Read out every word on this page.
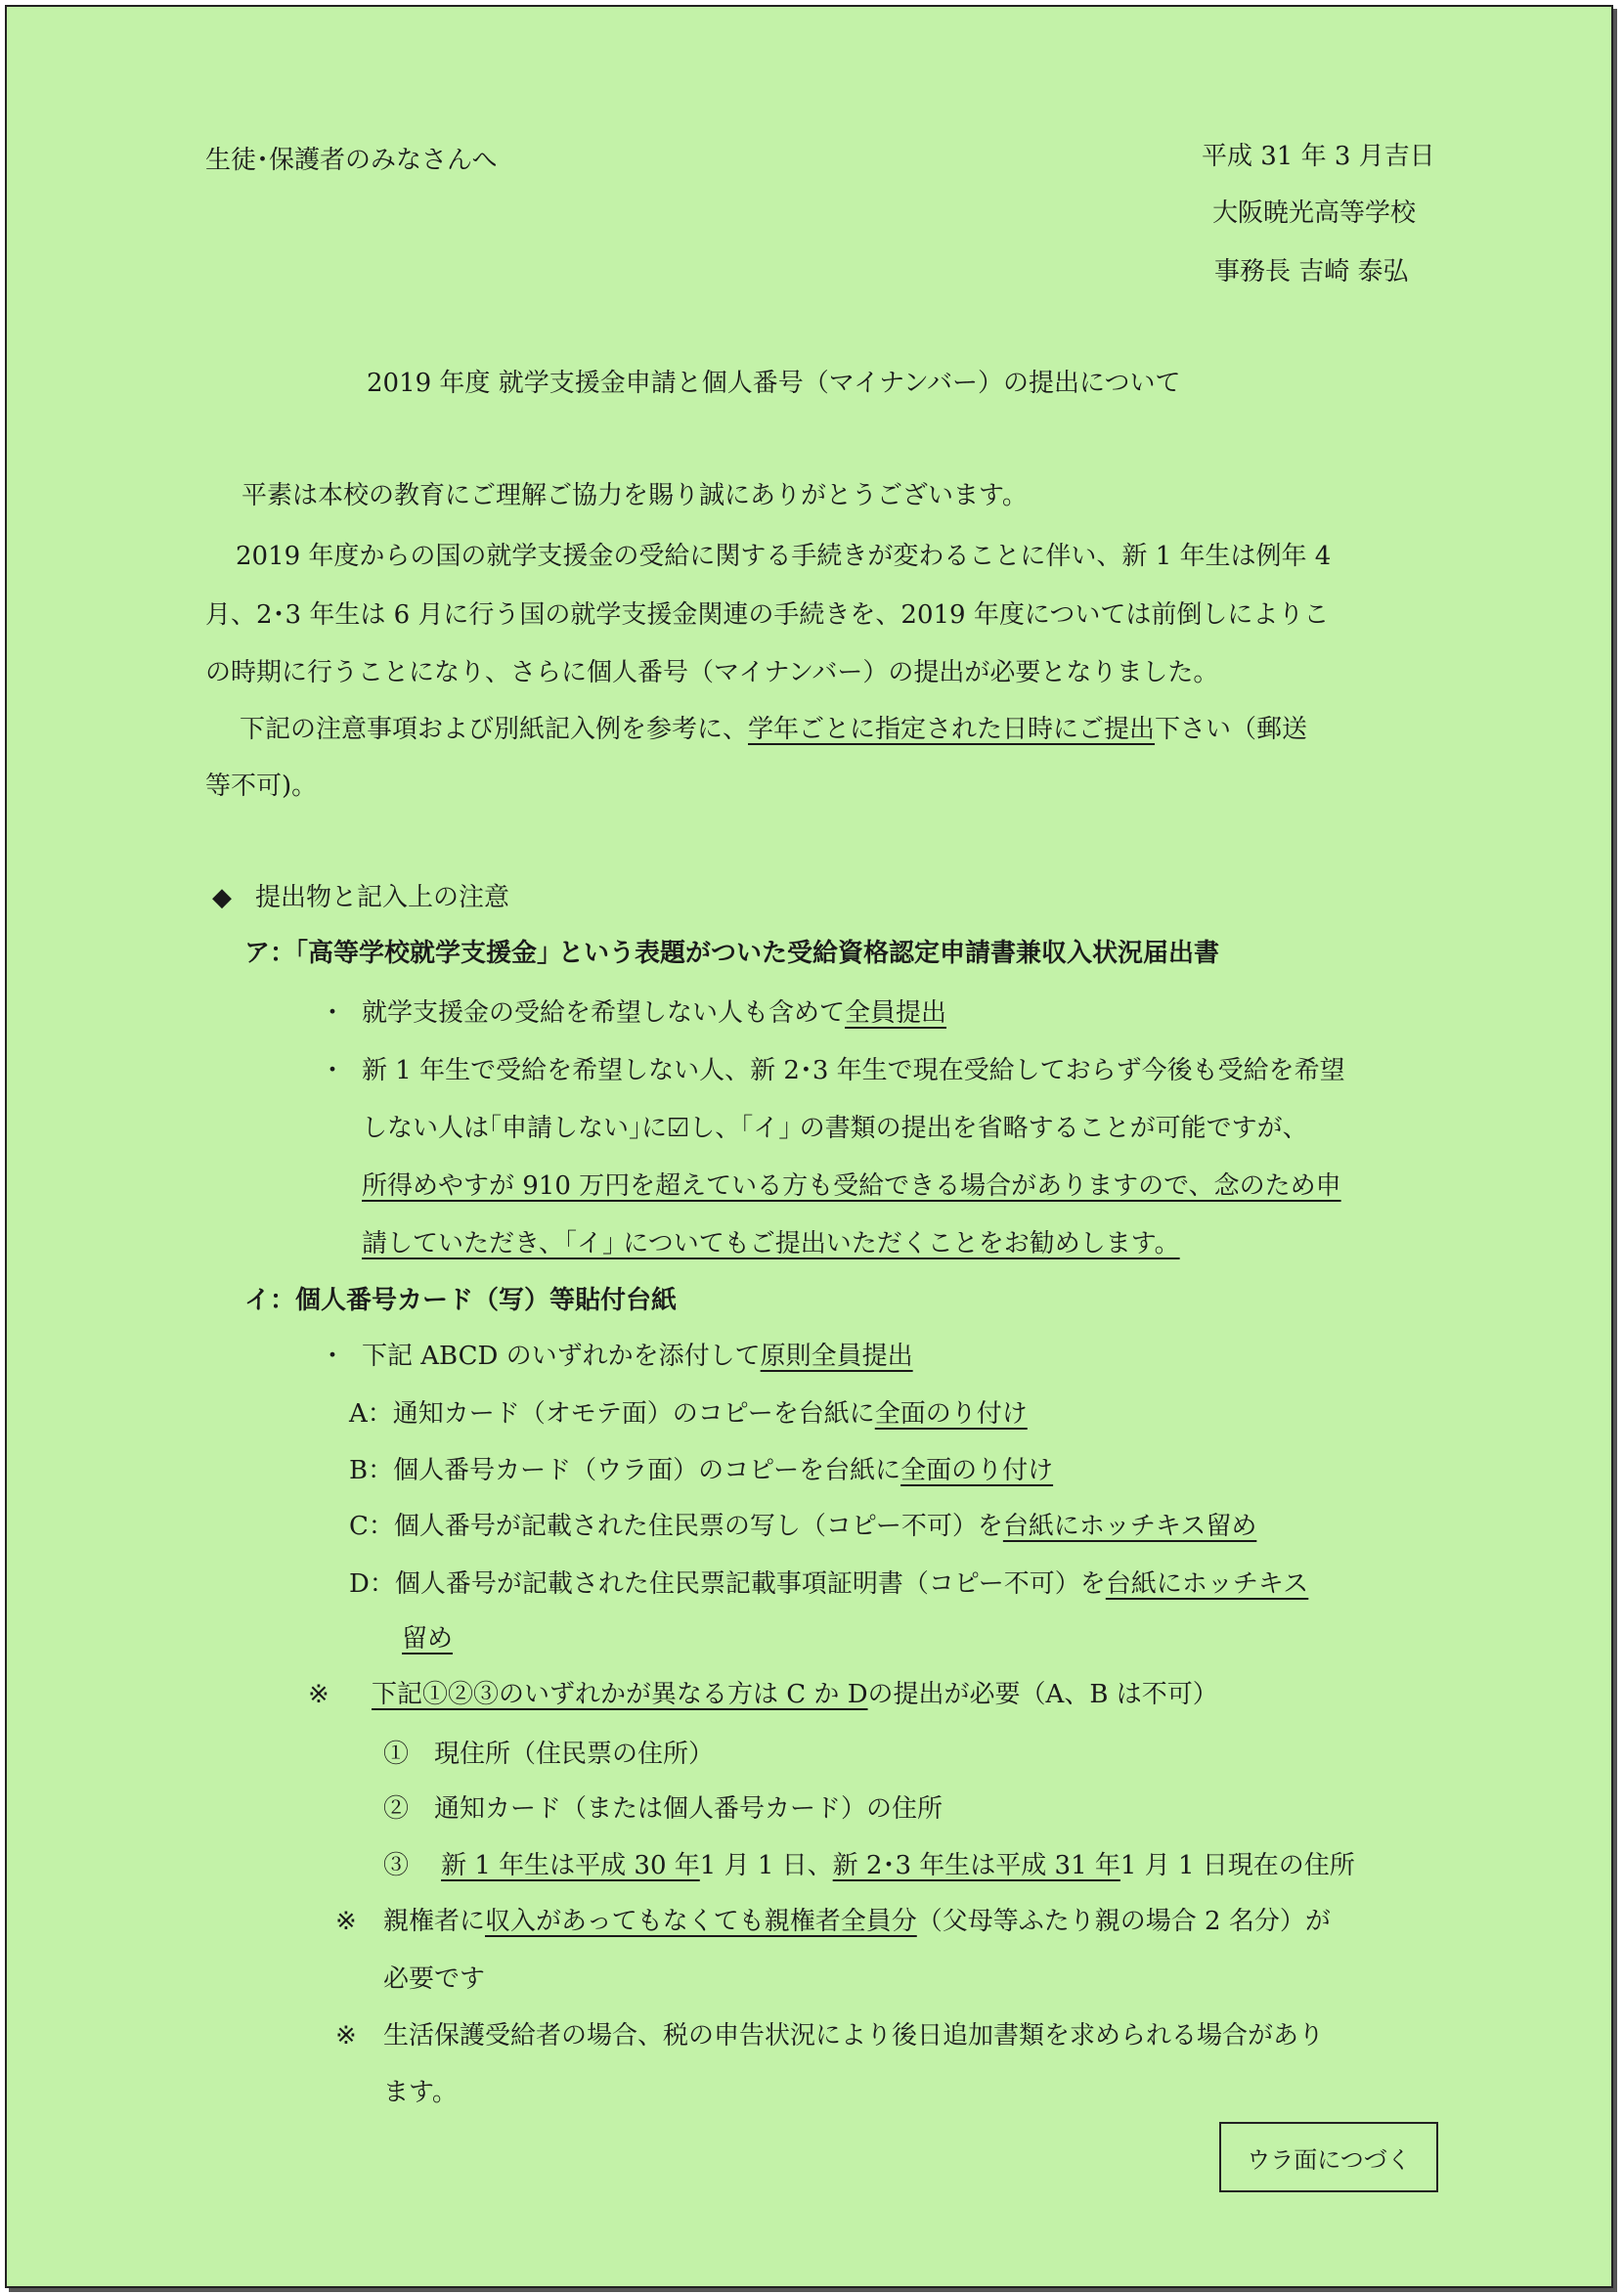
生徒･保護者のみなさんへ	平成 31 年 3 月吉日
大阪暁光高等学校
事務長 吉崎 泰弘
2019 年度 就学支援金申請と個人番号（マイナンバー）の提出について
平素は本校の教育にご理解ご協力を賜り誠にありがとうございます。
2019 年度からの国の就学支援金の受給に関する手続きが変わることに伴い、新 1 年生は例年 4
月、2･3 年生は 6 月に行う国の就学支援金関連の手続きを、2019 年度については前倒しによりこ
の時期に行うことになり、さらに個人番号（マイナンバー）の提出が必要となりました。
下記の注意事項および別紙記入例を参考に、学年ごとに指定された日時にご提出下さい（郵送
等不可)。
◆ 提出物と記入上の注意
ア：｢高等学校就学支援金｣ という表題がついた受給資格認定申請書兼収入状況届出書
・ 就学支援金の受給を希望しない人も含めて全員提出
・ 新 1 年生で受給を希望しない人、新 2･3 年生で現在受給しておらず今後も受給を希望
しない人は｢申請しない｣に☑し、｢イ｣ の書類の提出を省略することが可能ですが、
所得めやすが 910 万円を超えている方も受給できる場合がありますので、念のため申
請していただき、｢イ｣ についてもご提出いただくことをお勧めします。
イ：個人番号カード（写）等貼付台紙
・ 下記 ABCD のいずれかを添付して原則全員提出
A：通知カード（オモテ面）のコピーを台紙に全面のり付け
B：個人番号カード（ウラ面）のコピーを台紙に全面のり付け
C：個人番号が記載された住民票の写し（コピー不可）を台紙にホッチキス留め
D：個人番号が記載された住民票記載事項証明書（コピー不可）を台紙にホッチキス
留め
※ 下記①②③のいずれかが異なる方は C か Dの提出が必要（A、B は不可）
①　現住所（住民票の住所）
②　通知カード（または個人番号カード）の住所
③ 新 1 年生は平成 30 年1 月 1 日、新 2･3 年生は平成 31 年1 月 1 日現在の住所
※ 親権者に収入があってもなくても親権者全員分（父母等ふたり親の場合 2 名分）が
必要です
※ 生活保護受給者の場合、税の申告状況により後日追加書類を求められる場合があり
ます。
ウラ面につづく
